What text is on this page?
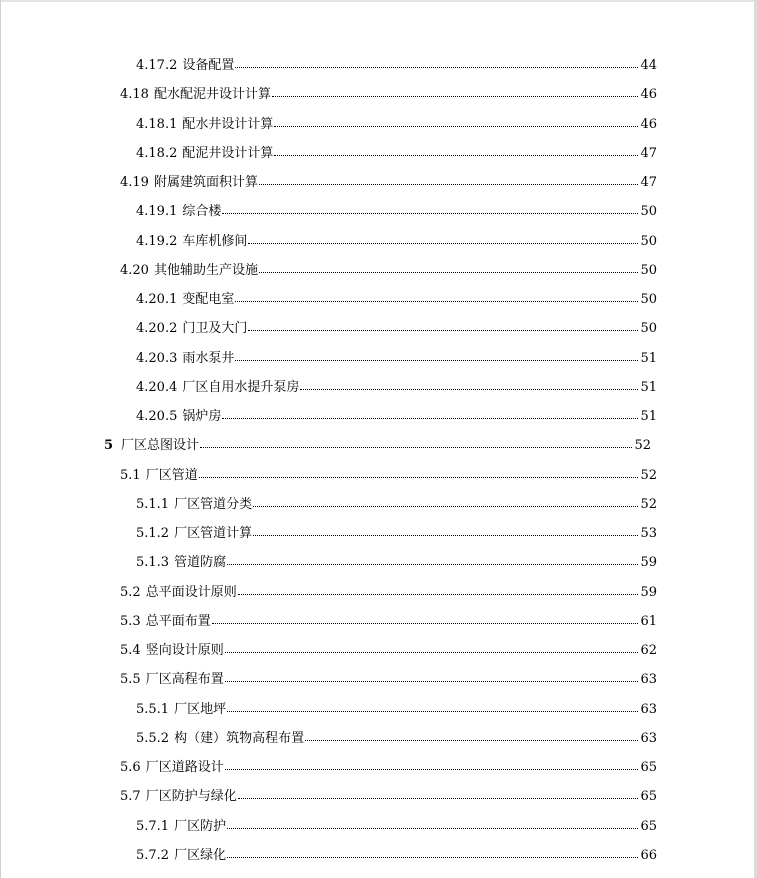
4.17.2 设备配置	44
4.18 配水配泥井设计计算	46
4.18.1 配水井设计计算	46
4.18.2 配泥井设计计算	47
4.19 附属建筑面积计算	47
4.19.1 综合楼	50
4.19.2 车库机修间	50
4.20 其他辅助生产设施	50
4.20.1 变配电室	50
4.20.2 门卫及大门	50
4.20.3 雨水泵井	51
4.20.4 厂区自用水提升泵房	51
4.20.5 锅炉房	51
5 厂区总图设计	52
5.1 厂区管道	52
5.1.1 厂区管道分类	52
5.1.2 厂区管道计算	53
5.1.3 管道防腐	59
5.2 总平面设计原则	59
5.3 总平面布置	61
5.4 竖向设计原则	62
5.5 厂区高程布置	63
5.5.1 厂区地坪	63
5.5.2 构（建）筑物高程布置	63
5.6 厂区道路设计	65
5.7 厂区防护与绿化	65
5.7.1 厂区防护	65
5.7.2 厂区绿化	66
